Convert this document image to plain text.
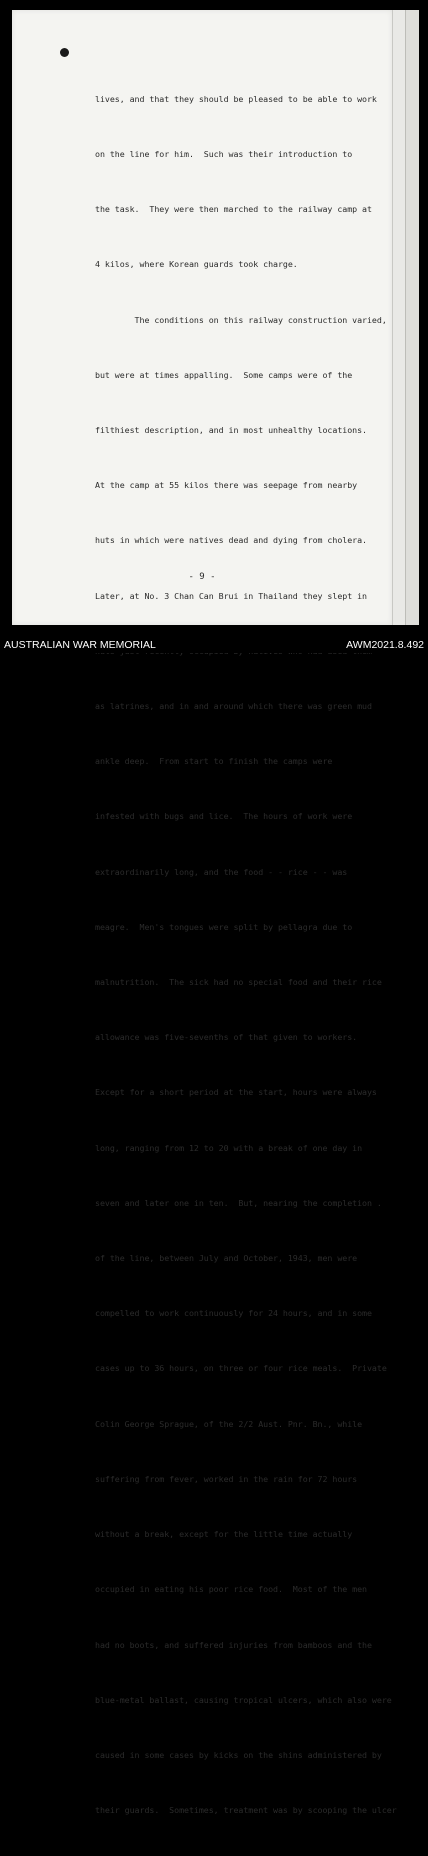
lives, and that they should be pleased to be able to work

on the line for him.  Such was their introduction to

the task.  They were then marched to the railway camp at

4 kilos, where Korean guards took charge.

The conditions on this railway construction varied,

but were at times appalling.  Some camps were of the

filthiest description, and in most unhealthy locations.

At the camp at 55 kilos there was seepage from nearby

huts in which were natives dead and dying from cholera.

Later, at No. 3 Chan Can Brui in Thailand they slept in

as latrines, and in and around which there was green mud

ankle deep.  From start to finish the camps were

infested with bugs and lice.  The hours of work were

extraordinarily long, and the food - - rice - - was

meagre.  Men's tongues were split by pellagra due to

malnutrition.  The sick had no special food and their rice

allowance was five-sevenths of that given to workers.

Except for a short period at the start, hours were always

long, ranging from 12 to 20 with a break of one day in

seven and later one in ten.  But, nearing the completion .

of the line, between July and October, 1943, men were

compelled to work continuously for 24 hours, and in some

cases up to 36 hours, on three or four rice meals.  Private

Colin George Sprague, of the 2/2 Aust. Pnr. Bn., while

suffering from fever, worked in the rain for 72 hours

without a break, except for the little time actually

occupied in eating his poor rice food.  Most of the men

had no boots, and suffered injuries from bamboos and the

blue-metal ballast, causing tropical ulcers, which also were

caused in some cases by kicks on the shins administered by

their guards.  Sometimes, treatment was by scooping the ulcer

- 9 -
AUSTRALIAN WAR MEMORIAL	AWM2021.8.492
